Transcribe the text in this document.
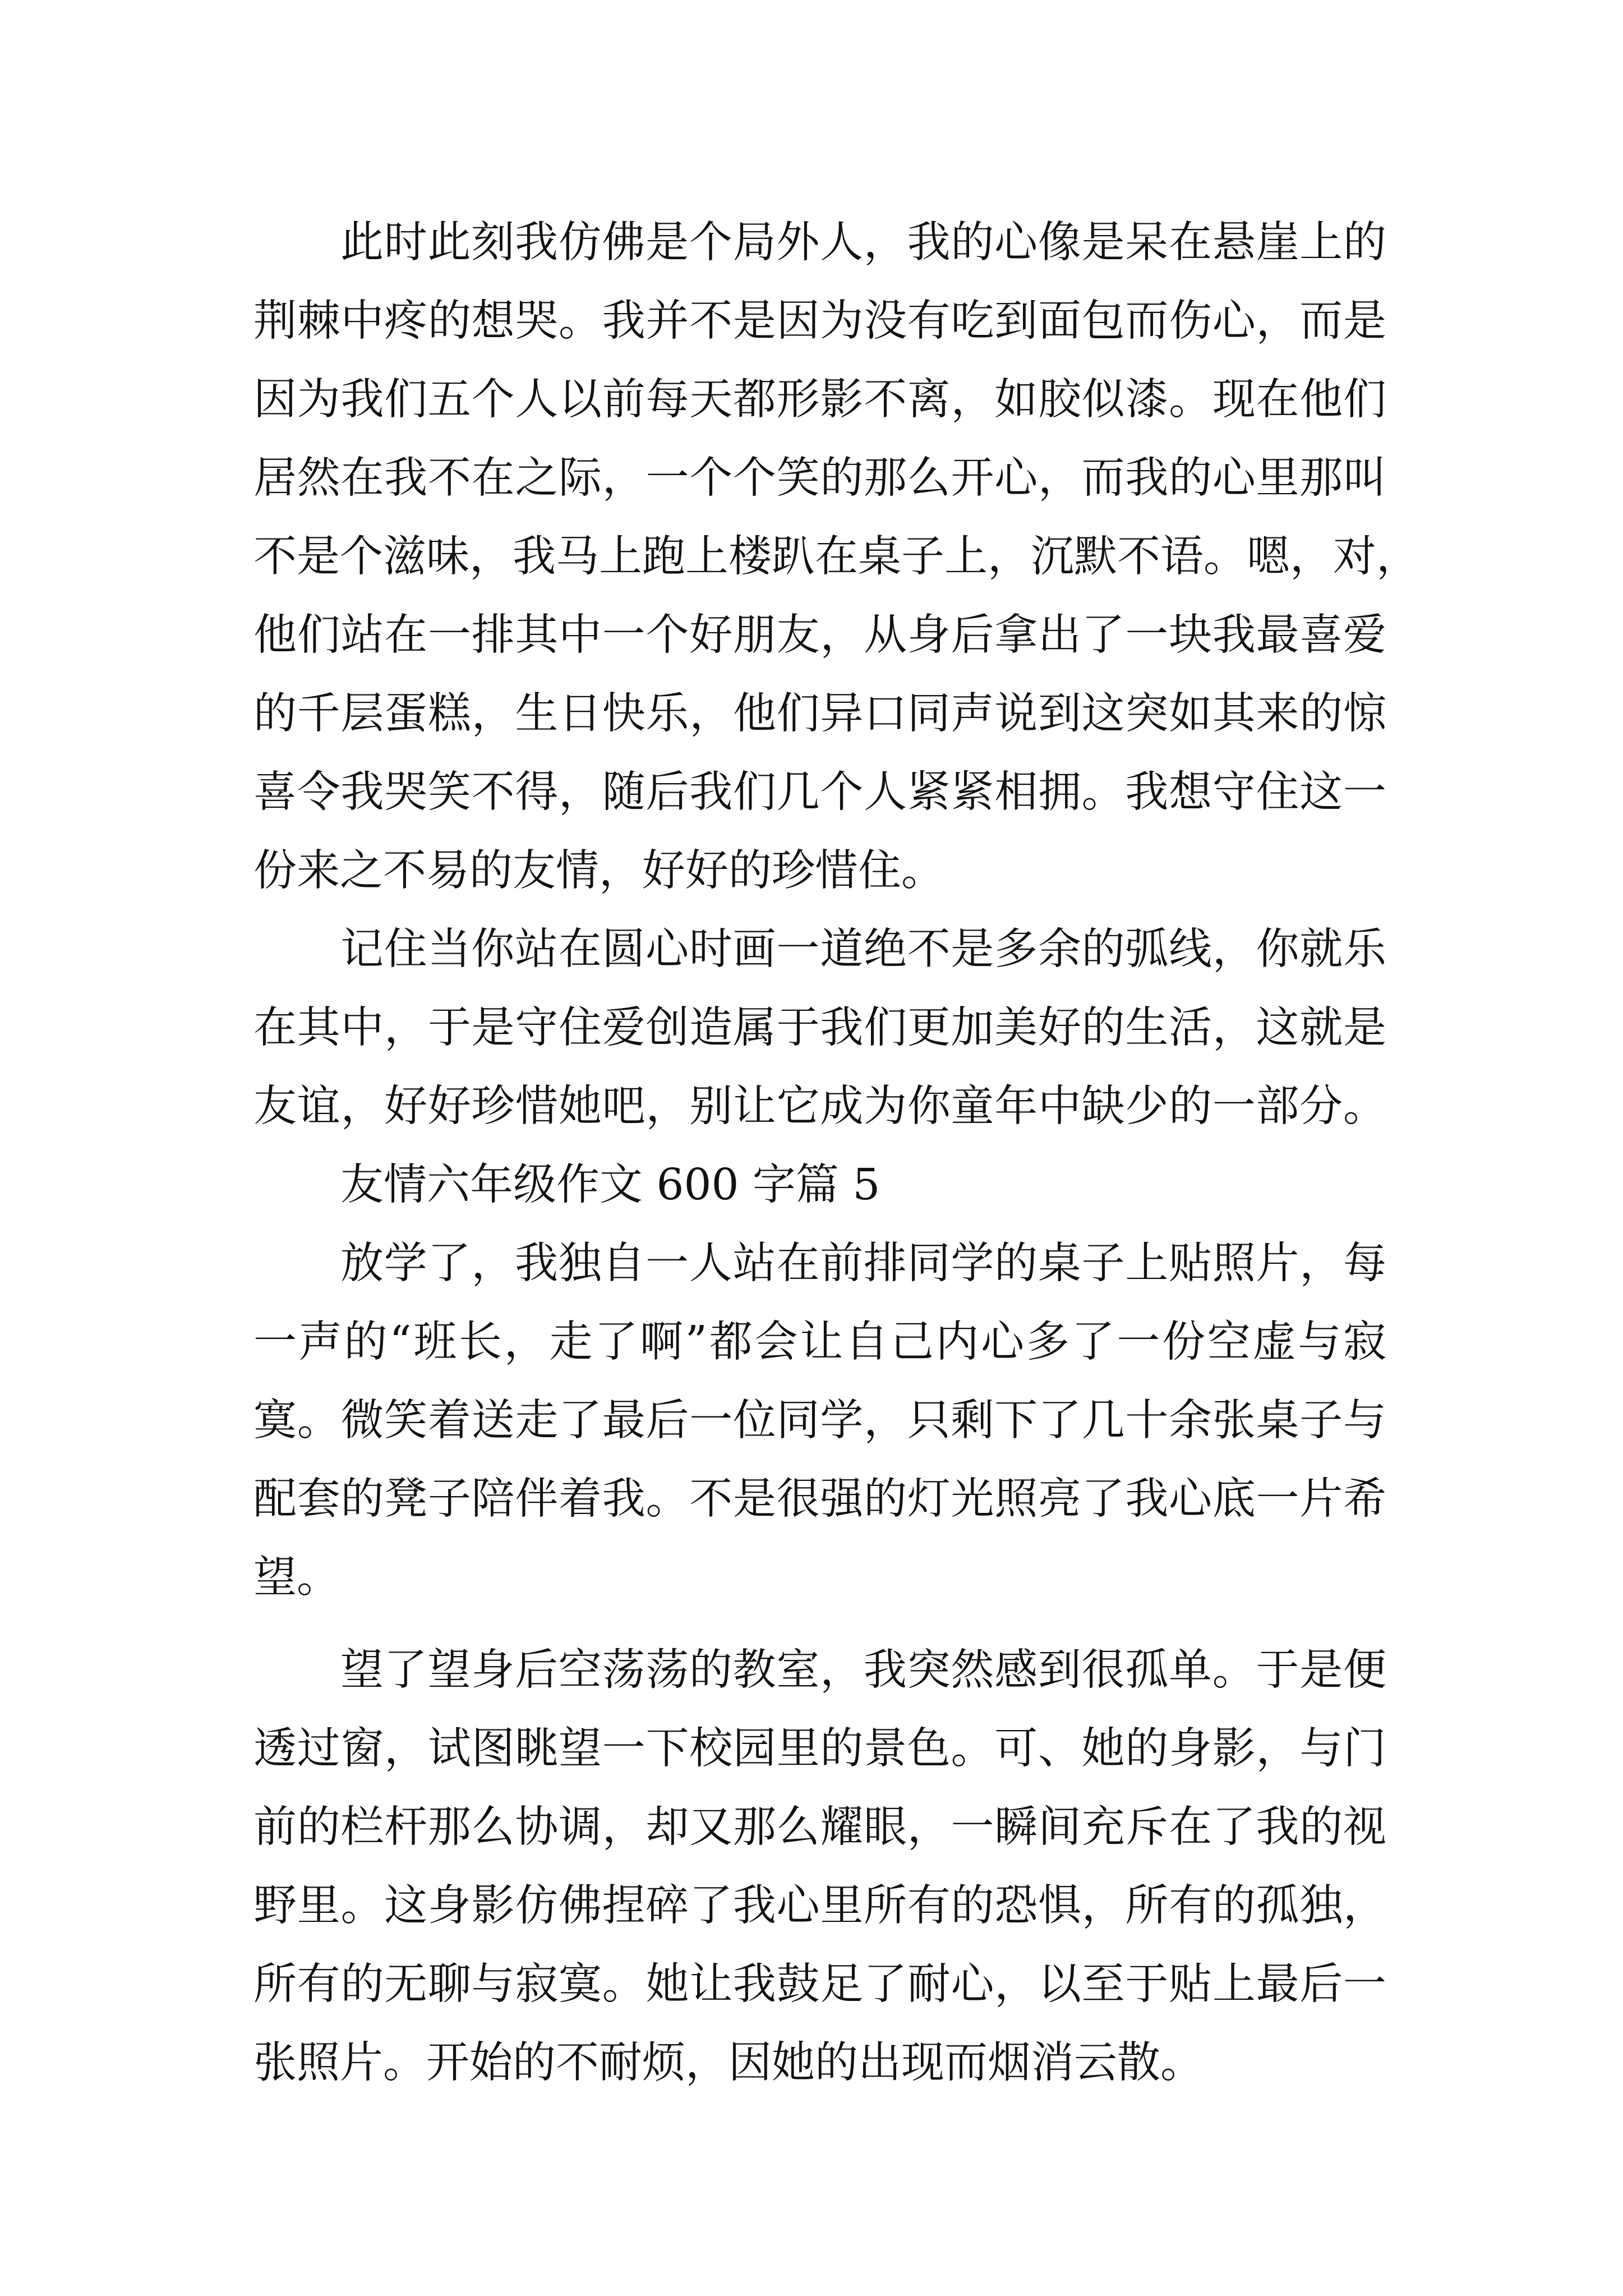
此时此刻我仿佛是个局外人，我的心像是呆在悬崖上的
荆棘中疼的想哭。我并不是因为没有吃到面包而伤心，而是
因为我们五个人以前每天都形影不离，如胶似漆。现在他们
居然在我不在之际，一个个笑的那么开心，而我的心里那叫
不是个滋味，我马上跑上楼趴在桌子上，沉默不语。嗯，对，
他们站在一排其中一个好朋友，从身后拿出了一块我最喜爱
的千层蛋糕，生日快乐，他们异口同声说到这突如其来的惊
喜令我哭笑不得，随后我们几个人紧紧相拥。我想守住这一
份来之不易的友情，好好的珍惜住。
记住当你站在圆心时画一道绝不是多余的弧线，你就乐
在其中，于是守住爱创造属于我们更加美好的生活，这就是
友谊，好好珍惜她吧，别让它成为你童年中缺少的一部分。
友情六年级作文 600 字篇 5
放学了，我独自一人站在前排同学的桌子上贴照片，每
一声的“班长，走了啊”都会让自己内心多了一份空虚与寂
寞。微笑着送走了最后一位同学，只剩下了几十余张桌子与
配套的凳子陪伴着我。不是很强的灯光照亮了我心底一片希
望。
望了望身后空荡荡的教室，我突然感到很孤单。于是便
透过窗，试图眺望一下校园里的景色。可、她的身影，与门
前的栏杆那么协调，却又那么耀眼，一瞬间充斥在了我的视
野里。这身影仿佛捏碎了我心里所有的恐惧，所有的孤独，
所有的无聊与寂寞。她让我鼓足了耐心，以至于贴上最后一
张照片。开始的不耐烦，因她的出现而烟消云散。
